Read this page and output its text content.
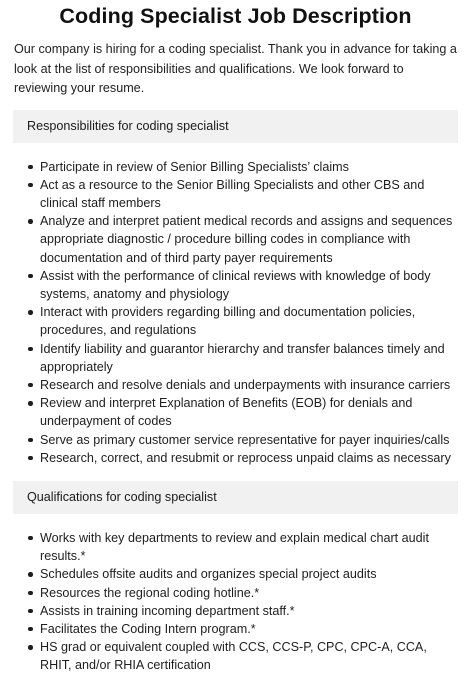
Coding Specialist Job Description

Our company is hiring for a coding specialist. Thank you in advance for taking a look at the list of responsibilities and qualifications. We look forward to reviewing your resume.

Responsibilities for coding specialist
Participate in review of Senior Billing Specialists’ claims
Act as a resource to the Senior Billing Specialists and other CBS and clinical staff members
Analyze and interpret patient medical records and assigns and sequences appropriate diagnostic / procedure billing codes in compliance with documentation and of third party payer requirements
Assist with the performance of clinical reviews with knowledge of body systems, anatomy and physiology
Interact with providers regarding billing and documentation policies, procedures, and regulations
Identify liability and guarantor hierarchy and transfer balances timely and appropriately
Research and resolve denials and underpayments with insurance carriers
Review and interpret Explanation of Benefits (EOB) for denials and underpayment of codes
Serve as primary customer service representative for payer inquiries/calls
Research, correct, and resubmit or reprocess unpaid claims as necessary
Qualifications for coding specialist
Works with key departments to review and explain medical chart audit results.*
Schedules offsite audits and organizes special project audits
Resources the regional coding hotline.*
Assists in training incoming department staff.*
Facilitates the Coding Intern program.*
HS grad or equivalent coupled with CCS, CCS-P, CPC, CPC-A, CCA, RHIT, and/or RHIA certification
